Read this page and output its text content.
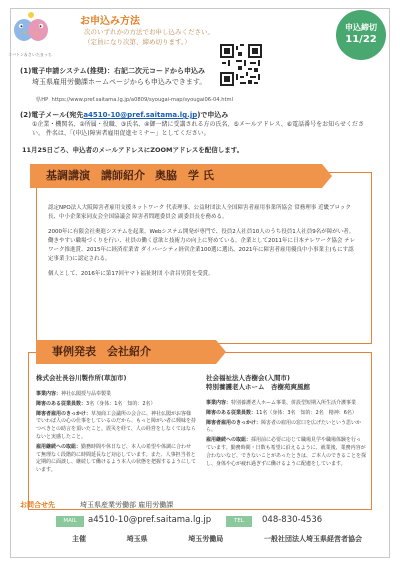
コバトン＆さいたまっち
お申込み方法
次のいずれかの方法でお申し込みください。
（定員になり次第、締め切ります。）
申込締切
11/22
(1)電子申請システム(推奨)：右記二次元コードから申込み
埼玉県雇用労働課ホームページからも申込みできます。
県HP https://www.pref.saitama.lg.jp/a0809/syougai-map/syougai06-04.html
(2)電子メール(宛先a4510-10@pref.saitama.lg.jp)で申込み
①企業・機関名、②所属・役職、③氏名、④御一緒に受講される方の氏名、⑤メールアドレス、⑥電話番号をお知らせください。 件名は、「(申込)障害者雇用促進セミナー」としてください。
11月25日ごろ、申込者のメールアドレスにZOOMアドレスを配信します。
基調講演　講師紹介 奥脇　学 氏

認定NPO法人大阪障害者雇用支援ネットワーク 代表理事、公益財団法人全国障害者雇用事業所協会 常務理事 近畿ブロック長、中小企業家同友会全国協議会 障害者問題委員会 副委員長を務める。

2000年に有限会社奥進システムを起業。Webシステム開発が専門で、役員2人社員10人のうち役員1人社員9名が障がい者。働きやすい職場づくりを行い、社員の働く意欲と技術力の向上に努めている。企業として2011年に日本テレワーク協会 テレワーク推進賞、2015年に経済産業省 ダイバーシティ経営企業100選に選出、2021年に障害者雇用優良中小事業主(もにす認定事業主)に認定される。

個人として、2016年に第17回ヤマト福祉財団 小倉昌男賞を受賞。

事例発表　会社紹介
株式会社長谷川製作所(草加市)
事業内容：神社仏閣授与品奉製業
障害のある従業員数：3名（身体：1名　知的：2名）
障害者雇用のきっかけ：草加商工会議所の会合に、神社仏閣がお客様でいわば人の心の仕事をしているのだから、もっと障がい者に興味を持つべきとの助言を頂いたこと。震災を経て、人の経営をしなくてはならないと実感したこと。
雇用継続への取組：勤務時間や休日など、本人の希望や体調に合わせて無理なく段階的に時間延長など対応しています。また、人事担当者と定期的に面談し、継続して働けるよう本人の状態を把握するようにしています。
社会福祉法人杏樹会(入間市)
特別養護老人ホーム　杏樹苑爽風館
事業内容：特別養護老人ホーム事業、併設型短期入所生活介護事業
障害のある従業員数：11名（身体：3名　知的：2名　精神：6名）
障害者雇用のきっかけ：障害者の雇用の窓口を広げたいという思いから。
雇用継続への取組：採用前に必要に応じて職場見学や職場体験を行っています。勤務時間・日数も希望に沿えるように、就業後、業務内容が合わないなど、できないことがあったときは、ご本人のできることを探し、身体や心が疲れ過ぎずに働けるように配慮をしています。
お問合せ先	埼玉県産業労働部 雇用労働課
MAIL	a4510-10@pref.saitama.lg.jp	TEL	048-830-4536
主催	埼玉県	埼玉労働局	一般社団法人埼玉県経営者協会
